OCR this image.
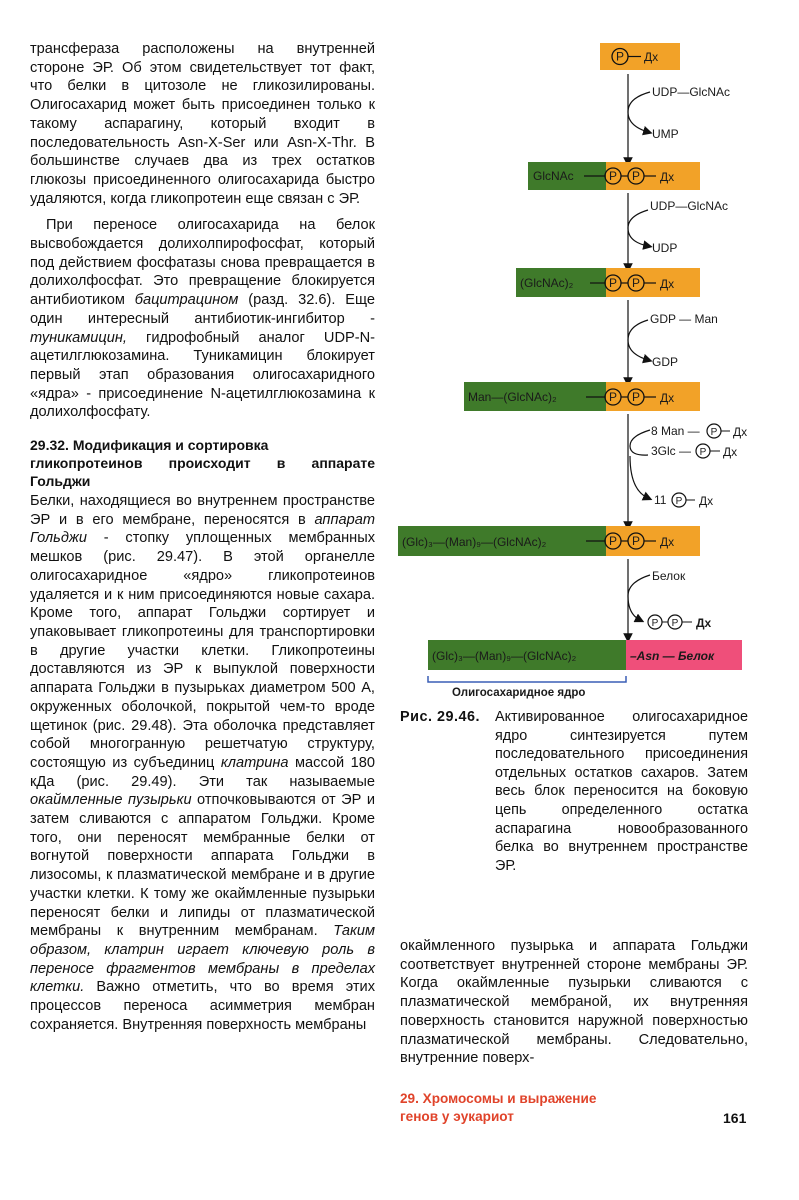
трансфераза расположены на внутренней стороне ЭР. Об этом свидетельствует тот факт, что белки в цитозоле не гликозилированы. Олигосахарид может быть присоединен только к такому аспарагину, который входит в последовательность Asn-X-Ser или Asn-X-Thr. В большинстве случаев два из трех остатков глюкозы присоединенного олигосахарида быстро удаляются, когда гликопротеин еще связан с ЭР.

При переносе олигосахарида на белок высвобождается долихолпирофосфат, который под действием фосфатазы снова превращается в долихолфосфат. Это превращение блокируется антибиотиком бацитрацином (разд. 32.6). Еще один интересный антибиотик-ингибитор - туникамицин, гидрофобный аналог UDP-N-ацетилглюкозамина. Туникамицин блокирует первый этап образования олигосахаридного «ядра» - присоединение N-ацетилглюкозамина к долихолфосфату.

29.32. Модификация и сортировка
гликопротеинов происходит в аппарате
Гольджи

Белки, находящиеся во внутреннем пространстве ЭР и в его мембране, переносятся в аппарат Гольджи - стопку уплощенных мембранных мешков (рис. 29.47). В этой органелле олигосахаридное «ядро» гликопротеинов удаляется и к ним присоединяются новые сахара. Кроме того, аппарат Гольджи сортирует и упаковывает гликопротеины для транспортировки в другие участки клетки. Гликопротеины доставляются из ЭР к выпуклой поверхности аппарата Гольджи в пузырьках диаметром 500 А, окруженных оболочкой, покрытой чем-то вроде щетинок (рис. 29.48). Эта оболочка представляет собой многогранную решетчатую структуру, состоящую из субъединиц клатрина массой 180 кДа (рис. 29.49). Эти так называемые окаймленные пузырьки отпочковываются от ЭР и затем сливаются с аппаратом Гольджи. Кроме того, они переносят мембранные белки от вогнутой поверхности аппарата Гольджи в лизосомы, к плазматической мембране и в другие участки клетки. К тому же окаймленные пузырьки переносят белки и липиды от плазматической мембраны к внутренним мембранам. Таким образом, клатрин играет ключевую роль в переносе фрагментов мембраны в пределах клетки. Важно отметить, что во время этих процессов переноса асимметрия мембран сохраняется. Внутренняя поверхность мембраны

P Дх
UDP—GlcNAc
UMP
GlcNAc	P P Дх
UDP—GlcNAc
UDP
(GlcNAc)₂	P P Дх
GDP — Man
GDP
Man—(GlcNAc)₂	P P Дх
8 Man — P Дх
3Glc — P Дх
11 P Дх
(Glc)₃—(Man)₉—(GlcNAc)₂	P P Дх
Белок
P P Дх
(Glc)₃—(Man)₉—(GlcNAc)₂	–Asn — Белок
Олигосахаридное ядро
Рис. 29.46. Активированное олигосахаридное ядро синтезируется путем последовательного присоединения отдельных остатков сахаров. Затем весь блок переносится на боковую цепь определенного остатка аспарагина новообразованного белка во внутреннем пространстве ЭР.

окаймленного пузырька и аппарата Гольджи соответствует внутренней стороне мембраны ЭР. Когда окаймленные пузырьки сливаются с плазматической мембраной, их внутренняя поверхность становится наружной поверхностью плазматической мембраны. Следовательно, внутренние поверх-

29. Хромосомы и выражение
генов у эукариот	161
